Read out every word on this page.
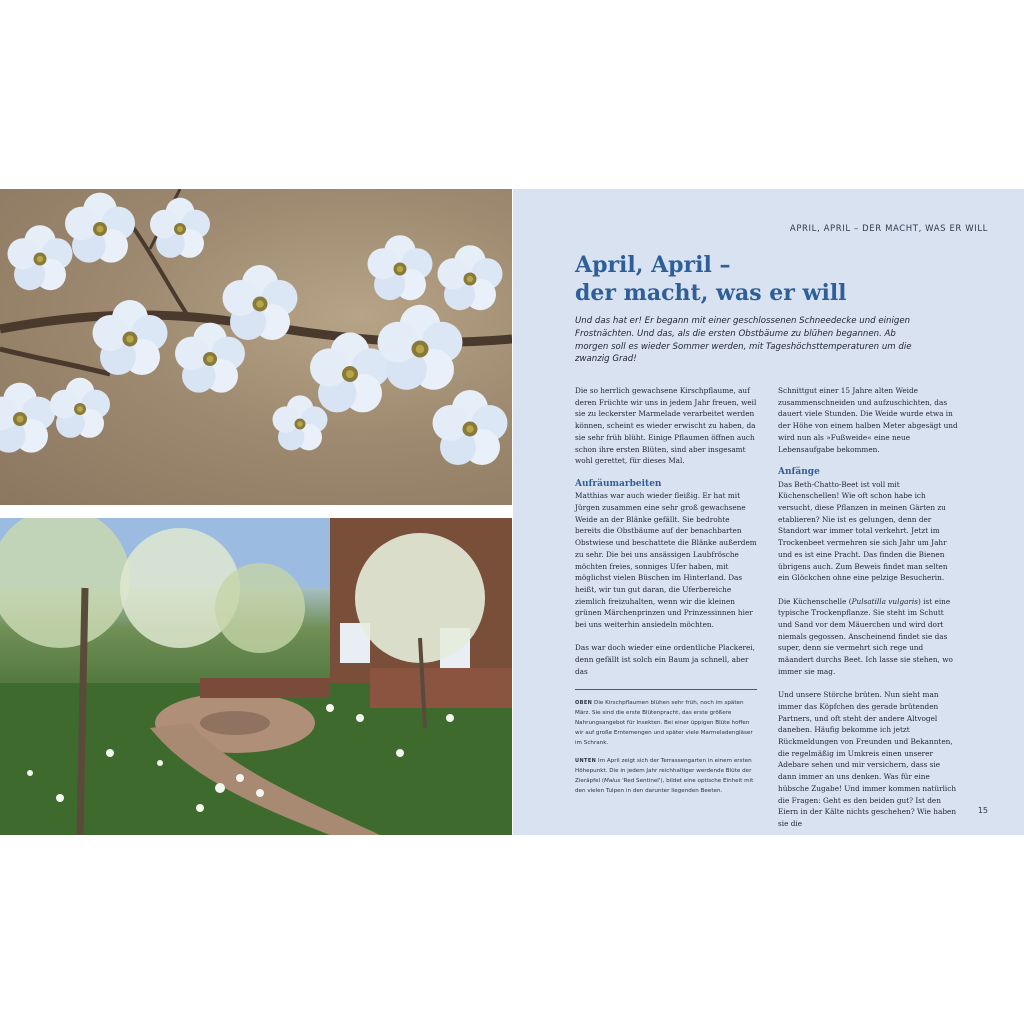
APRIL, APRIL – DER MACHT, WAS ER WILL
April, April –
der macht, was er will
Und das hat er! Er begann mit einer geschlossenen Schneedecke und einigen Frostnächten. Und das, als die ersten Obstbäume zu blühen begannen. Ab morgen soll es wieder Sommer werden, mit Tageshöchsttemperaturen um die zwanzig Grad!

Die so herrlich gewachsene Kirschpflaume, auf deren Früchte wir uns in jedem Jahr freuen, weil sie zu leckerster Marmelade verarbeitet werden können, scheint es wieder erwischt zu haben, da sie sehr früh blüht. Einige Pflaumen öffnen auch schon ihre ersten Blüten, sind aber insgesamt wohl gerettet, für dieses Mal.

Aufräumarbeiten

Matthias war auch wieder fleißig. Er hat mit Jürgen zusammen eine sehr groß gewachsene Weide an der Blänke gefällt. Sie bedrohte bereits die Obstbäume auf der benachbarten Obstwiese und beschattete die Blänke außerdem zu sehr. Die bei uns ansässigen Laubfrösche möchten freies, sonniges Ufer haben, mit möglichst vielen Büschen im Hinterland. Das heißt, wir tun gut daran, die Uferbereiche ziemlich freizuhalten, wenn wir die kleinen grünen Märchenprinzen und Prinzessinnen hier bei uns weiterhin ansiedeln möchten.

Das war doch wieder eine ordentliche Plackerei, denn gefällt ist solch ein Baum ja schnell, aber das

OBEN Die Kirschpflaumen blühen sehr früh, noch im späten März. Sie sind die erste Blütenpracht, das erste größere Nahrungsangebot für Insekten. Bei einer üppigen Blüte hoffen wir auf große Erntemengen und später viele Marmeladengläser im Schrank.
UNTEN Im April zeigt sich der Terrassengarten in einem ersten Höhepunkt. Die in jedem Jahr reichhaltiger werdende Blüte der Zieräpfel (Malus 'Red Sentinel'), bildet eine optische Einheit mit den vielen Tulpen in den darunter liegenden Beeten.

Schnittgut einer 15 Jahre alten Weide zusammenschneiden und aufzuschichten, das dauert viele Stunden. Die Weide wurde etwa in der Höhe von einem halben Meter abgesägt und wird nun als »Fußweide« eine neue Lebensaufgabe bekommen.

Anfänge

Das Beth-Chatto-Beet ist voll mit Küchenschellen! Wie oft schon habe ich versucht, diese Pflanzen in meinen Gärten zu etablieren? Nie ist es gelungen, denn der Standort war immer total verkehrt. Jetzt im Trockenbeet vermehren sie sich Jahr um Jahr und es ist eine Pracht. Das finden die Bienen übrigens auch. Zum Beweis findet man selten ein Glöckchen ohne eine pelzige Besucherin.

Die Küchenschelle (Pulsatilla vulgaris) ist eine typische Trockenpflanze. Sie steht im Schutt und Sand vor dem Mäuerchen und wird dort niemals gegossen. Anscheinend findet sie das super, denn sie vermehrt sich rege und mäandert durchs Beet. Ich lasse sie stehen, wo immer sie mag.

Und unsere Störche brüten. Nun sieht man immer das Köpfchen des gerade brütenden Partners, und oft steht der andere Altvogel daneben. Häufig bekomme ich jetzt Rückmeldungen von Freunden und Bekannten, die regelmäßig im Umkreis einen unserer Adebare sehen und mir versichern, dass sie dann immer an uns denken. Was für eine hübsche Zugabe! Und immer kommen natürlich die Fragen: Geht es den beiden gut? Ist den Eiern in der Kälte nichts geschehen? Wie haben sie die

15
